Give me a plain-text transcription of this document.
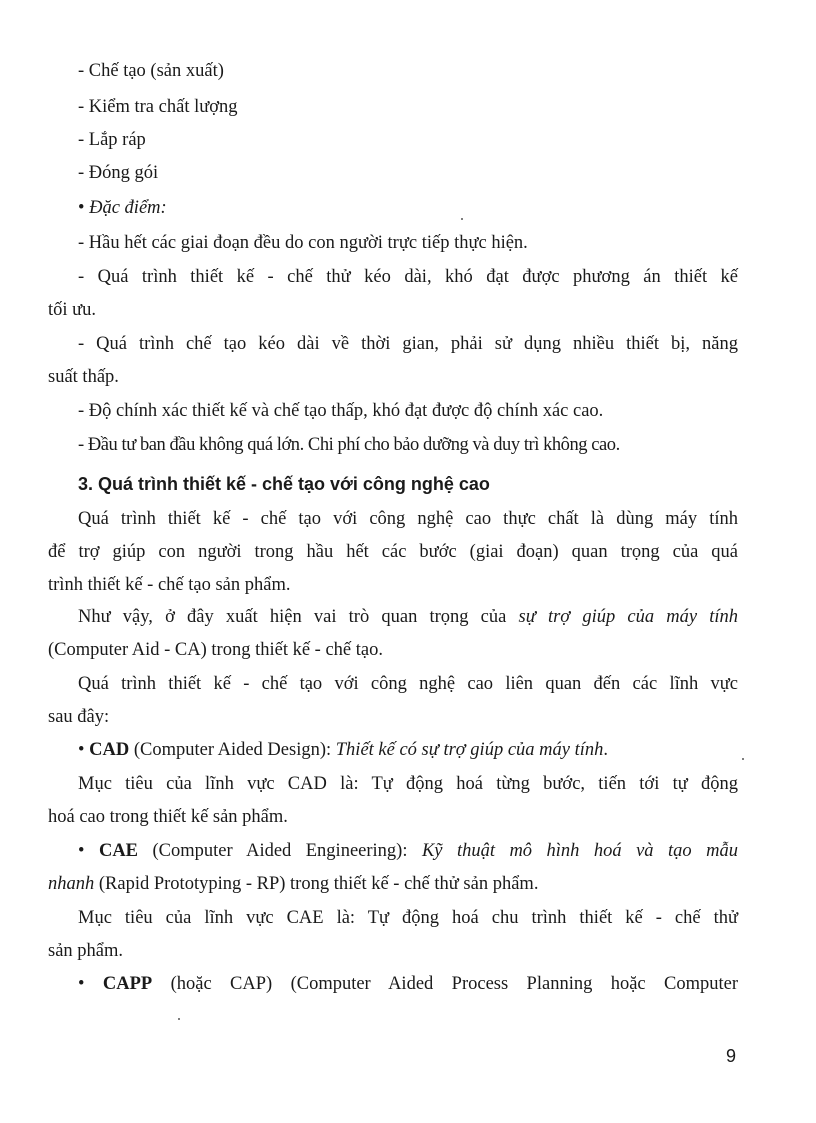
- Chế tạo (sản xuất)

- Kiểm tra chất lượng

- Lắp ráp

- Đóng gói

• Đặc điểm:

- Hầu hết các giai đoạn đều do con người trực tiếp thực hiện.

- Quá trình thiết kế - chế thử kéo dài, khó đạt được phương án thiết kế

tối ưu.

- Quá trình chế tạo kéo dài về thời gian, phải sử dụng nhiều thiết bị, năng

suất thấp.

- Độ chính xác thiết kế và chế tạo thấp, khó đạt được độ chính xác cao.

- Đầu tư ban đầu không quá lớn. Chi phí cho bảo dưỡng và duy trì không cao.

3. Quá trình thiết kế - chế tạo với công nghệ cao

Quá trình thiết kế - chế tạo với công nghệ cao thực chất là dùng máy tính

để trợ giúp con người trong hầu hết các bước (giai đoạn) quan trọng của quá

trình thiết kế - chế tạo sản phẩm.

Như vậy, ở đây xuất hiện vai trò quan trọng của sự trợ giúp của máy tính

(Computer Aid - CA) trong thiết kế - chế tạo.

Quá trình thiết kế - chế tạo với công nghệ cao liên quan đến các lĩnh vực

sau đây:

• CAD (Computer Aided Design): Thiết kế có sự trợ giúp của máy tính.

Mục tiêu của lĩnh vực CAD là: Tự động hoá từng bước, tiến tới tự động

hoá cao trong thiết kế sản phẩm.

• CAE (Computer Aided Engineering): Kỹ thuật mô hình hoá và tạo mẫu

nhanh (Rapid Prototyping - RP) trong thiết kế - chế thử sản phẩm.

Mục tiêu của lĩnh vực CAE là: Tự động hoá chu trình thiết kế - chế thử

sản phẩm.

• CAPP (hoặc CAP) (Computer Aided Process Planning hoặc Computer

9
